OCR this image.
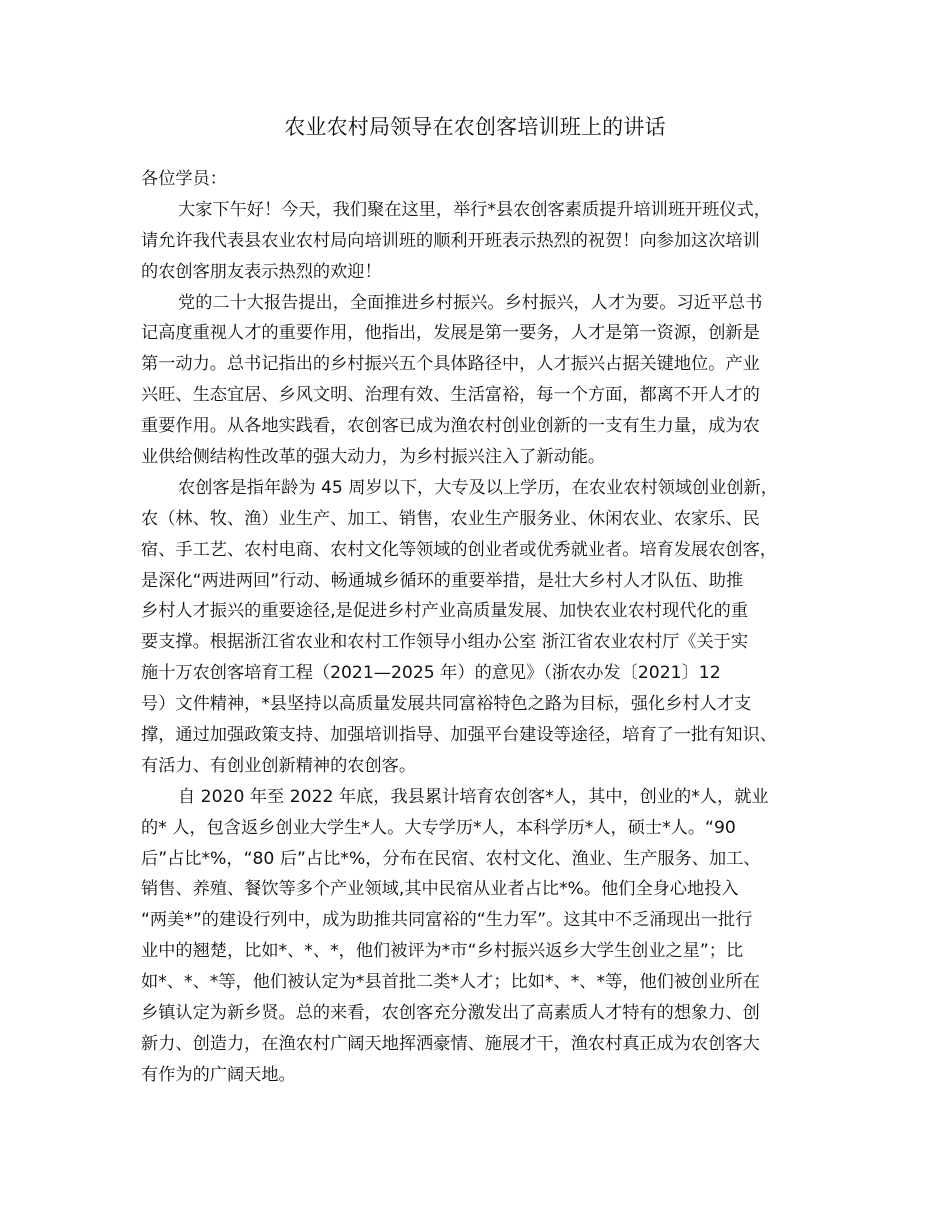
农业农村局领导在农创客培训班上的讲话
各位学员：
大家下午好！今天，我们聚在这里，举行*县农创客素质提升培训班开班仪式，
请允许我代表县农业农村局向培训班的顺利开班表示热烈的祝贺！向参加这次培训
的农创客朋友表示热烈的欢迎！
党的二十大报告提出，全面推进乡村振兴。乡村振兴，人才为要。习近平总书
记高度重视人才的重要作用，他指出，发展是第一要务，人才是第一资源，创新是
第一动力。总书记指出的乡村振兴五个具体路径中，人才振兴占据关键地位。产业
兴旺、生态宜居、乡风文明、治理有效、生活富裕，每一个方面，都离不开人才的
重要作用。从各地实践看，农创客已成为渔农村创业创新的一支有生力量，成为农
业供给侧结构性改革的强大动力，为乡村振兴注入了新动能。
农创客是指年龄为 45 周岁以下，大专及以上学历，在农业农村领域创业创新，
农（林、牧、渔）业生产、加工、销售，农业生产服务业、休闲农业、农家乐、民
宿、手工艺、农村电商、农村文化等领域的创业者或优秀就业者。培育发展农创客，
是深化“两进两回”行动、畅通城乡循环的重要举措，是壮大乡村人才队伍、助推
乡村人才振兴的重要途径,是促进乡村产业高质量发展、加快农业农村现代化的重
要支撑。根据浙江省农业和农村工作领导小组办公室 浙江省农业农村厅《关于实
施十万农创客培育工程（2021—2025 年）的意见》（浙农办发〔2021〕12
号）文件精神，*县坚持以高质量发展共同富裕特色之路为目标，强化乡村人才支
撑，通过加强政策支持、加强培训指导、加强平台建设等途径，培育了一批有知识、
有活力、有创业创新精神的农创客。
自 2020 年至 2022 年底，我县累计培育农创客*人，其中，创业的*人，就业
的* 人，包含返乡创业大学生*人。大专学历*人，本科学历*人，硕士*人。“90
后”占比*%，“80 后”占比*%，分布在民宿、农村文化、渔业、生产服务、加工、
销售、养殖、餐饮等多个产业领域,其中民宿从业者占比*%。他们全身心地投入
“两美*”的建设行列中，成为助推共同富裕的“生力军”。这其中不乏涌现出一批行
业中的翘楚，比如*、*、*，他们被评为*市“乡村振兴返乡大学生创业之星”；比
如*、*、*等，他们被认定为*县首批二类*人才；比如*、*、*等，他们被创业所在
乡镇认定为新乡贤。总的来看，农创客充分激发出了高素质人才特有的想象力、创
新力、创造力，在渔农村广阔天地挥洒豪情、施展才干，渔农村真正成为农创客大
有作为的广阔天地。
